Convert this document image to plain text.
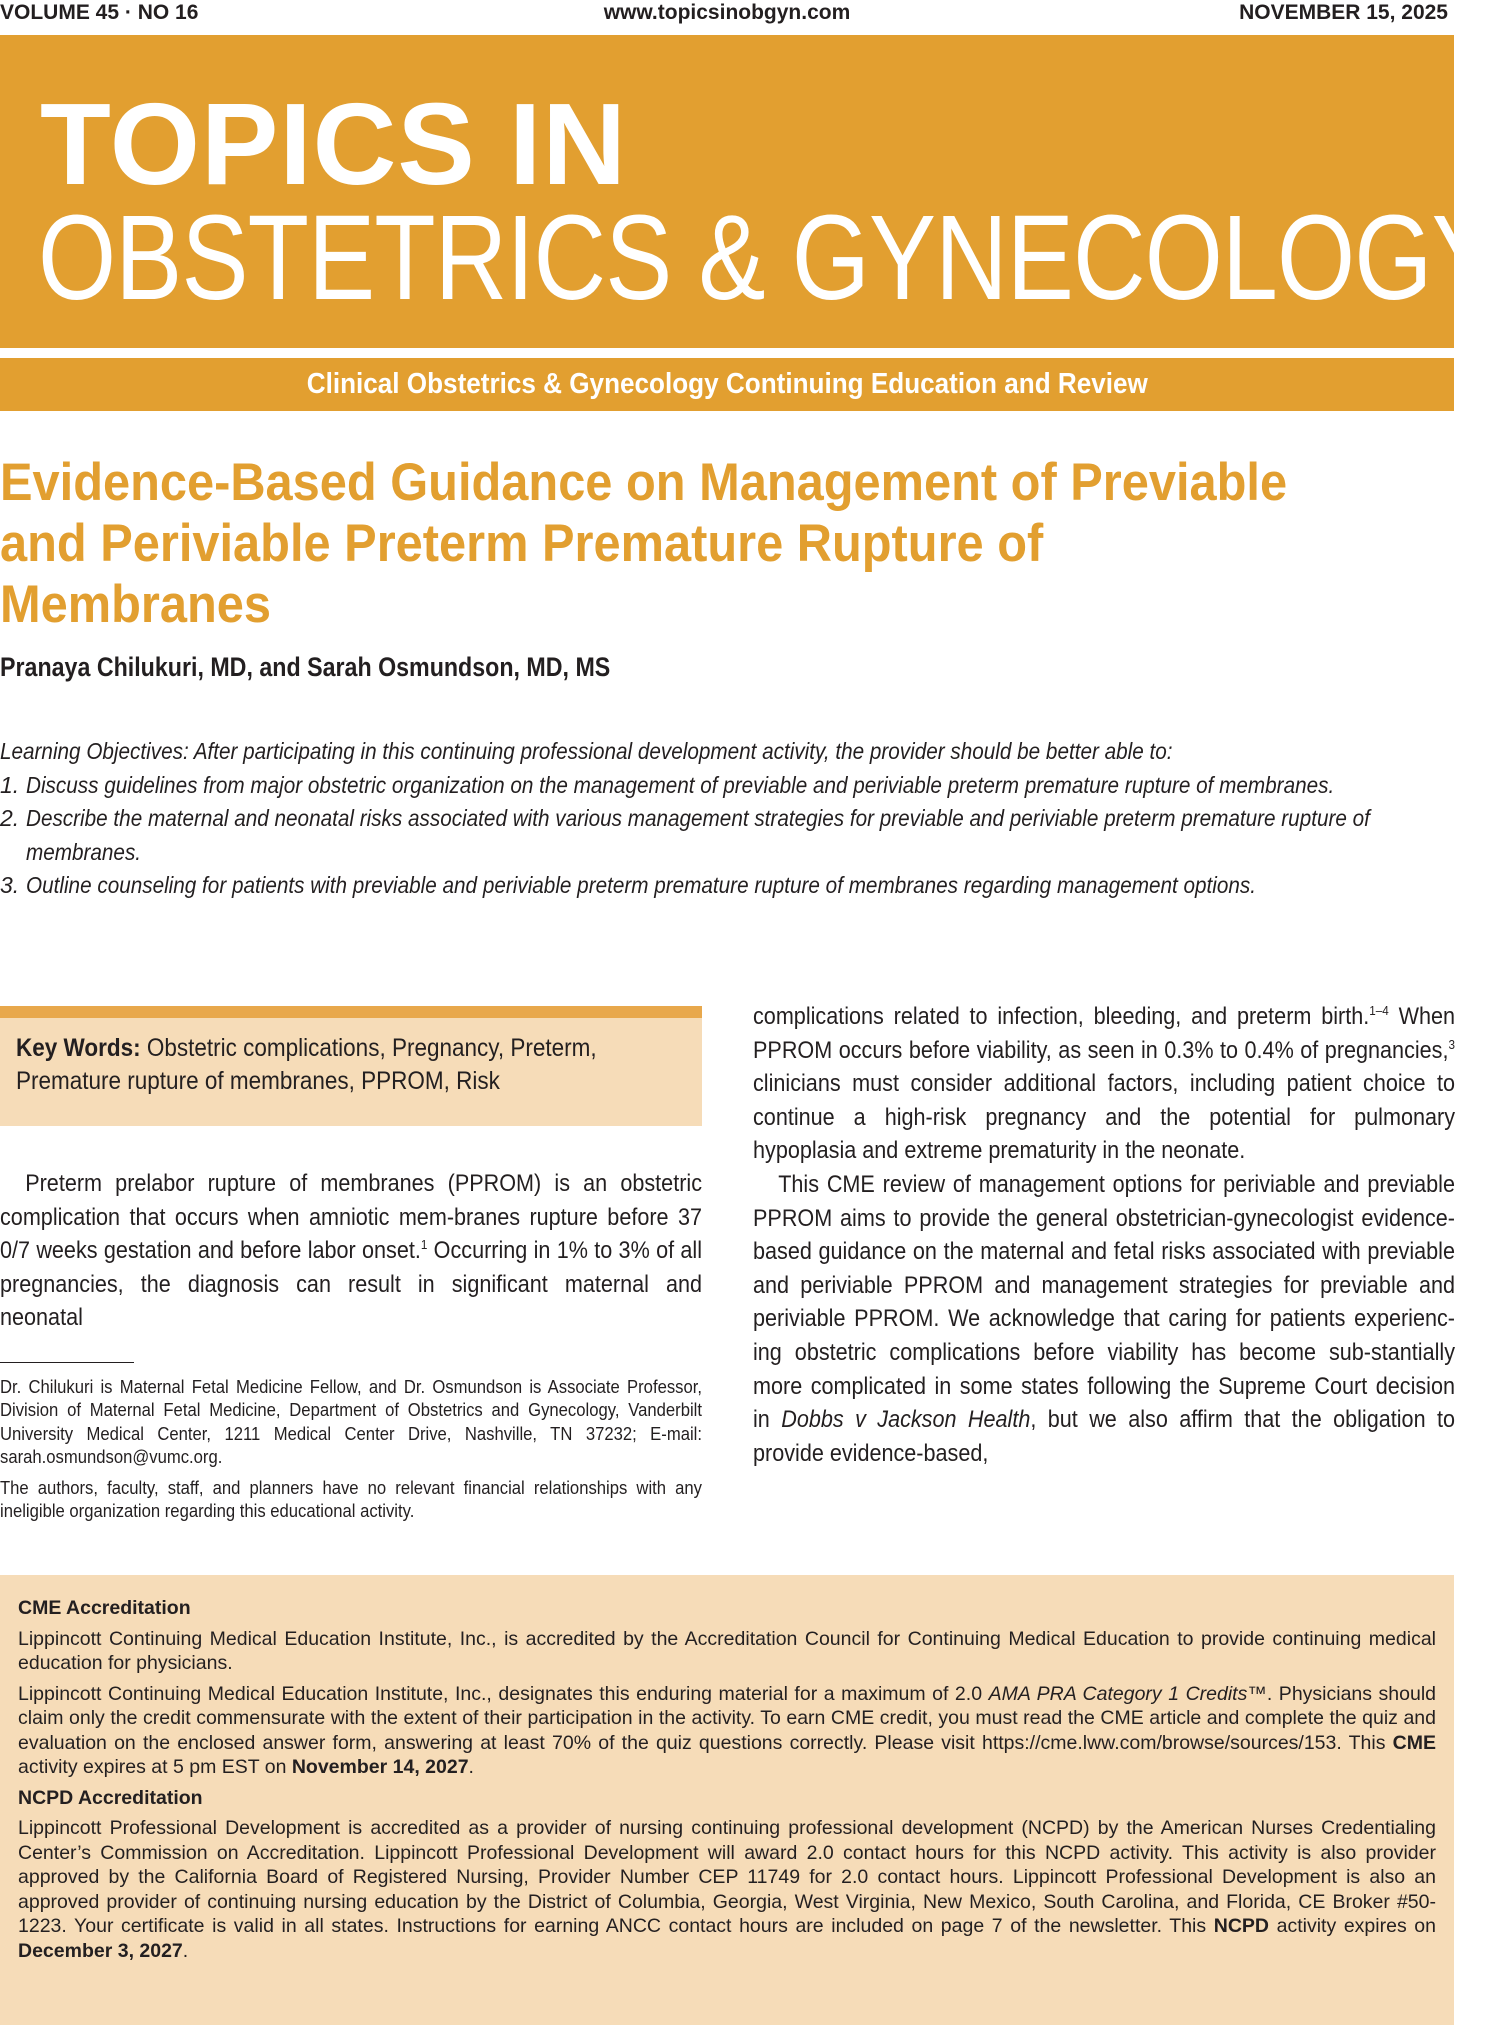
VOLUME 45 · NO 16	www.topicsinobgyn.com	NOVEMBER 15, 2025
TOPICS IN
OBSTETRICS & GYNECOLOGY
Clinical Obstetrics & Gynecology Continuing Education and Review
Evidence-Based Guidance on Management of Previable
and Periviable Preterm Premature Rupture of
Membranes
Pranaya Chilukuri, MD, and Sarah Osmundson, MD, MS
Learning Objectives: After participating in this continuing professional development activity, the provider should be better able to:
1. Discuss guidelines from major obstetric organization on the management of previable and periviable preterm premature rupture of membranes.
2. Describe the maternal and neonatal risks associated with various management strategies for previable and periviable preterm premature rupture of membranes.
3. Outline counseling for patients with previable and periviable preterm premature rupture of membranes regarding management options.
Key Words: Obstetric complications, Pregnancy, Preterm, Premature rupture of membranes, PPROM, Risk

Preterm prelabor rupture of membranes (PPROM) is an obstetric complication that occurs when amniotic mem-branes rupture before 37 0/7 weeks gestation and before labor onset.$^1$ Occurring in 1% to 3% of all pregnancies, the diagnosis can result in significant maternal and neonatal

Dr. Chilukuri is Maternal Fetal Medicine Fellow, and Dr. Osmundson is Associate Professor, Division of Maternal Fetal Medicine, Department of Obstetrics and Gynecology, Vanderbilt University Medical Center, 1211 Medical Center Drive, Nashville, TN 37232; E-mail: sarah.osmundson@vumc.org.

The authors, faculty, staff, and planners have no relevant financial relationships with any ineligible organization regarding this educational activity.

complications related to infection, bleeding, and preterm birth.$^{1-4}$ When PPROM occurs before viability, as seen in 0.3% to 0.4% of pregnancies,$^3$ clinicians must consider additional factors, including patient choice to continue a high-risk pregnancy and the potential for pulmonary hypoplasia and extreme prematurity in the neonate.

This CME review of management options for periviable and previable PPROM aims to provide the general obstetrician-gynecologist evidence-based guidance on the maternal and fetal risks associated with previable and periviable PPROM and management strategies for previable and periviable PPROM. We acknowledge that caring for patients experienc-ing obstetric complications before viability has become sub-stantially more complicated in some states following the Supreme Court decision in Dobbs v Jackson Health, but we also affirm that the obligation to provide evidence-based,

CME Accreditation

Lippincott Continuing Medical Education Institute, Inc., is accredited by the Accreditation Council for Continuing Medical Education to provide continuing medical education for physicians.

Lippincott Continuing Medical Education Institute, Inc., designates this enduring material for a maximum of 2.0 AMA PRA Category 1 Credits™. Physicians should claim only the credit commensurate with the extent of their participation in the activity. To earn CME credit, you must read the CME article and complete the quiz and evaluation on the enclosed answer form, answering at least 70% of the quiz questions correctly. Please visit https://cme.lww.com/browse/sources/153. This CME activity expires at 5 pm EST on November 14, 2027.

NCPD Accreditation

Lippincott Professional Development is accredited as a provider of nursing continuing professional development (NCPD) by the American Nurses Credentialing Center’s Commission on Accreditation. Lippincott Professional Development will award 2.0 contact hours for this NCPD activity. This activity is also provider approved by the California Board of Registered Nursing, Provider Number CEP 11749 for 2.0 contact hours. Lippincott Professional Development is also an approved provider of continuing nursing education by the District of Columbia, Georgia, West Virginia, New Mexico, South Carolina, and Florida, CE Broker #50-1223. Your certificate is valid in all states. Instructions for earning ANCC contact hours are included on page 7 of the newsletter. This NCPD activity expires on December 3, 2027.
